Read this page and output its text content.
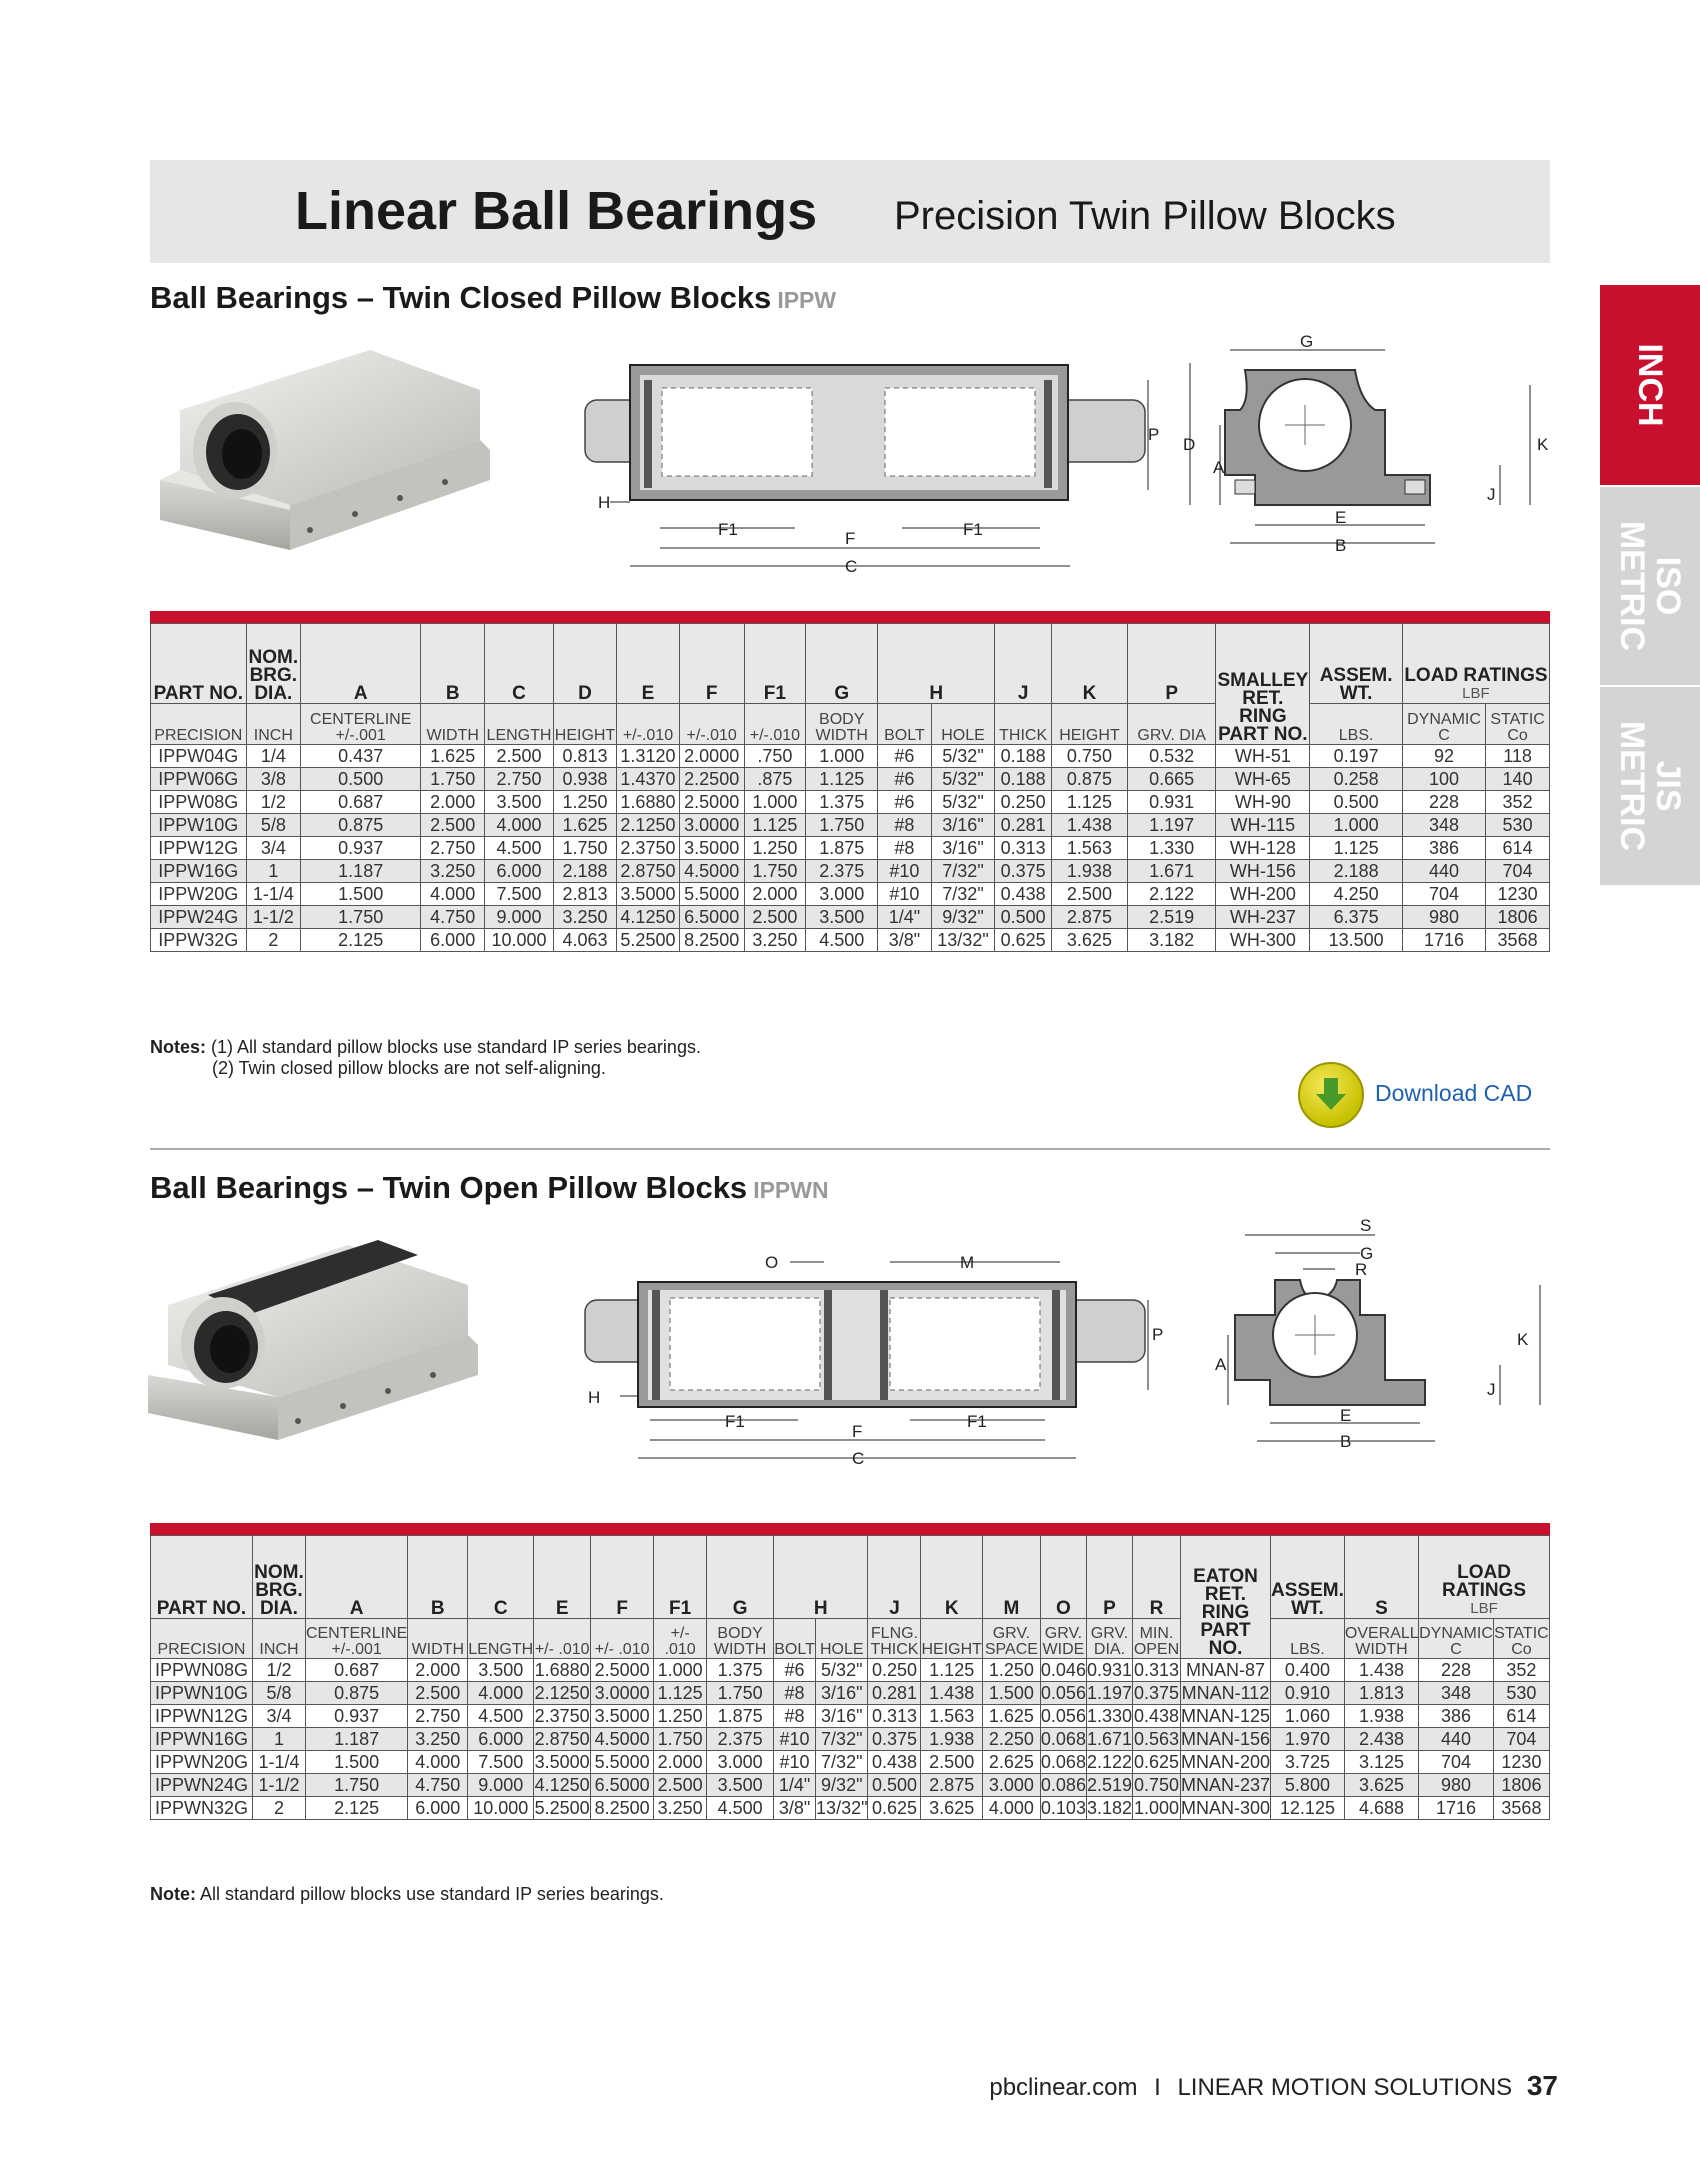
Linear Ball Bearings Precision Twin Pillow Blocks
INCH
ISO METRIC
JIS METRIC
Ball Bearings – Twin Closed Pillow Blocks IPPW
H
F1	F1
F
C
P
G
D
A
K
J
E
B
PART NO.	NOM. BRG. DIA.	A	B	C	D	E	F	F1	G	H		J	K	P	SMALLEY RET. RING PART NO.	ASSEM. WT.	LOAD RATINGS
LBF	

PRECISION	INCH	CENTERLINE +/-.001	WIDTH	LENGTH	HEIGHT	+/-.010	+/-.010	+/-.010	BODY WIDTH	BOLT	HOLE	THICK	HEIGHT	GRV. DIA		LBS.	DYNAMIC C	STATIC Co
IPPW04G	1/4	0.437	1.625	2.500	0.813	1.3120	2.0000	.750	1.000	#6	5/32"	0.188	0.750	0.532	WH-51	0.197	92	118
IPPW06G	3/8	0.500	1.750	2.750	0.938	1.4370	2.2500	.875	1.125	#6	5/32"	0.188	0.875	0.665	WH-65	0.258	100	140
IPPW08G	1/2	0.687	2.000	3.500	1.250	1.6880	2.5000	1.000	1.375	#6	5/32"	0.250	1.125	0.931	WH-90	0.500	228	352
IPPW10G	5/8	0.875	2.500	4.000	1.625	2.1250	3.0000	1.125	1.750	#8	3/16"	0.281	1.438	1.197	WH-115	1.000	348	530
IPPW12G	3/4	0.937	2.750	4.500	1.750	2.3750	3.5000	1.250	1.875	#8	3/16"	0.313	1.563	1.330	WH-128	1.125	386	614
IPPW16G	1	1.187	3.250	6.000	2.188	2.8750	4.5000	1.750	2.375	#10	7/32"	0.375	1.938	1.671	WH-156	2.188	440	704
IPPW20G	1-1/4	1.500	4.000	7.500	2.813	3.5000	5.5000	2.000	3.000	#10	7/32"	0.438	2.500	2.122	WH-200	4.250	704	1230
IPPW24G	1-1/2	1.750	4.750	9.000	3.250	4.1250	6.5000	2.500	3.500	1/4"	9/32"	0.500	2.875	2.519	WH-237	6.375	980	1806
IPPW32G	2	2.125	6.000	10.000	4.063	5.2500	8.2500	3.250	4.500	3/8"	13/32"	0.625	3.625	3.182	WH-300	13.500	1716	3568
Notes: (1) All standard pillow blocks use standard IP series bearings.
(2) Twin closed pillow blocks are not self-aligning.
Download CAD
Ball Bearings – Twin Open Pillow Blocks IPPWN
O	M
H
F1	F1
F
C
P
S
G
R
A
K
J
E
B
PART NO.	NOM. BRG. DIA.	A	B	C	E	F	F1	G	H		J	K	M	O	P	R	EATON RET. RING PART NO.	ASSEM. WT.	S	LOAD RATINGS
LBF	

PRECISION	INCH	CENTERLINE +/-.001	WIDTH	LENGTH	+/- .010	+/- .010	+/- .010	BODY WIDTH	BOLT	HOLE	FLNG. THICK	HEIGHT	GRV. SPACE	GRV. WIDE	GRV. DIA.	MIN. OPEN		LBS.	OVERALL WIDTH	DYNAMIC C	STATIC Co
IPPWN08G	1/2	0.687	2.000	3.500	1.6880	2.5000	1.000	1.375	#6	5/32"	0.250	1.125	1.250	0.046	0.931	0.313	MNAN-87	0.400	1.438	228	352
IPPWN10G	5/8	0.875	2.500	4.000	2.1250	3.0000	1.125	1.750	#8	3/16"	0.281	1.438	1.500	0.056	1.197	0.375	MNAN-112	0.910	1.813	348	530
IPPWN12G	3/4	0.937	2.750	4.500	2.3750	3.5000	1.250	1.875	#8	3/16"	0.313	1.563	1.625	0.056	1.330	0.438	MNAN-125	1.060	1.938	386	614
IPPWN16G	1	1.187	3.250	6.000	2.8750	4.5000	1.750	2.375	#10	7/32"	0.375	1.938	2.250	0.068	1.671	0.563	MNAN-156	1.970	2.438	440	704
IPPWN20G	1-1/4	1.500	4.000	7.500	3.5000	5.5000	2.000	3.000	#10	7/32"	0.438	2.500	2.625	0.068	2.122	0.625	MNAN-200	3.725	3.125	704	1230
IPPWN24G	1-1/2	1.750	4.750	9.000	4.1250	6.5000	2.500	3.500	1/4"	9/32"	0.500	2.875	3.000	0.086	2.519	0.750	MNAN-237	5.800	3.625	980	1806
IPPWN32G	2	2.125	6.000	10.000	5.2500	8.2500	3.250	4.500	3/8"	13/32"	0.625	3.625	4.000	0.103	3.182	1.000	MNAN-300	12.125	4.688	1716	3568
Note: All standard pillow blocks use standard IP series bearings.
pbclinear.com I LINEAR MOTION SOLUTIONS 37
